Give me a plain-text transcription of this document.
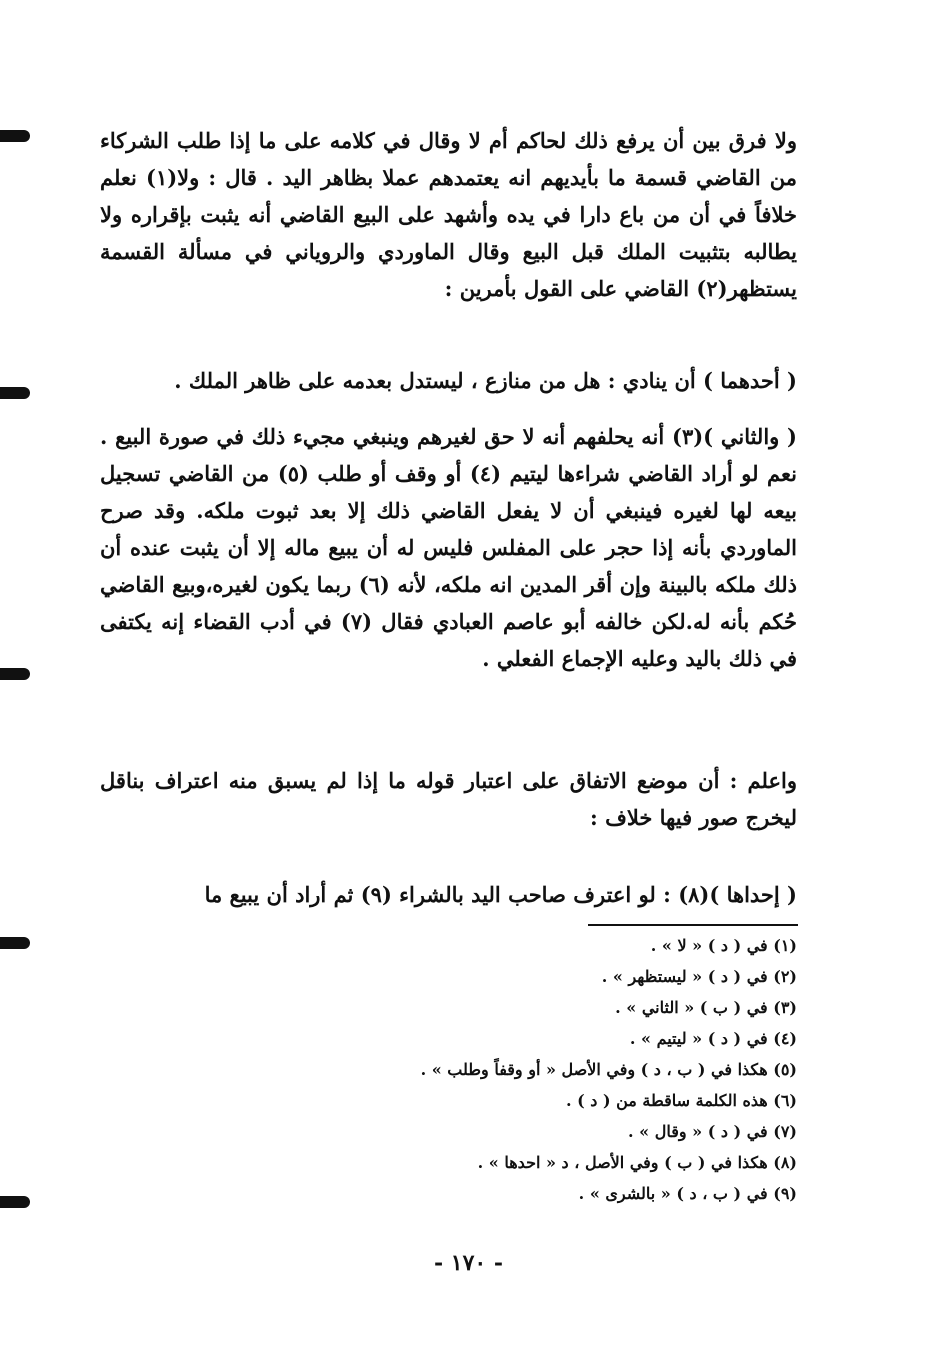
ولا فرق بين أن يرفع ذلك لحاكم أم لا وقال في كلامه على ما إذا طلب الشركاء من القاضي قسمة ما بأيديهم انه يعتمدهم عملا بظاهر اليد . قال : ولا(١) نعلم خلافاً في أن من باع دارا في يده وأشهد على البيع القاضي أنه يثبت بإقراره ولا يطالبه بتثبيت الملك قبل البيع وقال الماوردي والروياني في مسألة القسمة يستظهر(٢) القاضي على القول بأمرين :

( أحدهما ) أن ينادي : هل من منازع ، ليستدل بعدمه على ظاهر الملك .

( والثاني )(٣) أنه يحلفهم أنه لا حق لغيرهم وينبغي مجيء ذلك في صورة البيع . نعم لو أراد القاضي شراءها ليتيم (٤) أو وقف أو طلب (٥) من القاضي تسجيل بيعه لها لغيره فينبغي أن لا يفعل القاضي ذلك إلا بعد ثبوت ملكه. وقد صرح الماوردي بأنه إذا حجر على المفلس فليس له أن يبيع ماله إلا أن يثبت عنده أن ذلك ملكه بالبينة وإن أقر المدين انه ملكه، لأنه (٦) ربما يكون لغيره،وبيع القاضي حُكم بأنه له.لكن خالفه أبو عاصم العبادي فقال (٧) في أدب القضاء إنه يكتفى في ذلك باليد وعليه الإجماع الفعلي .

واعلم : أن موضع الاتفاق على اعتبار قوله ما إذا لم يسبق منه اعتراف بناقل ليخرج صور فيها خلاف :

( إحداها )(٨) : لو اعترف صاحب اليد بالشراء (٩) ثم أراد أن يبيع ما

(١) في ( د ) « لا » .
(٢) في ( د ) « ليستظهر » .
(٣) في ( ب ) « الثاني » .
(٤) في ( د ) « ليتيم » .
(٥) هكذا في ( ب ، د ) وفي الأصل « أو وقفاً وطلب » .
(٦) هذه الكلمة ساقطة من ( د ) .
(٧) في ( د ) « وقال » .
(٨) هكذا في ( ب ) وفي الأصل ، د « احدها » .
(٩) في ( ب ، د ) « بالشرى » .
- ١٧٠ -
